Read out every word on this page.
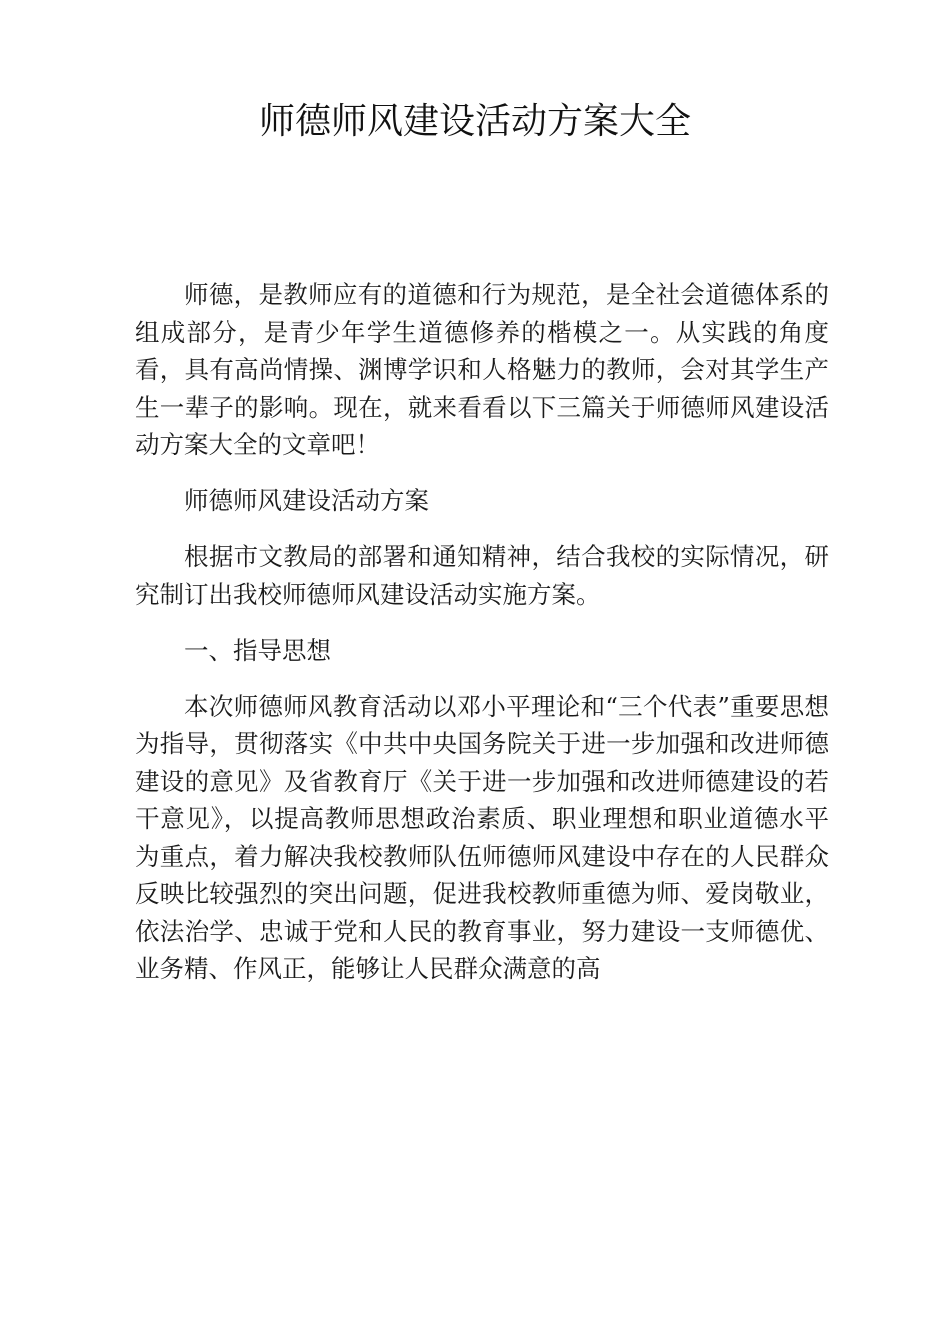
师德师风建设活动方案大全

师德，是教师应有的道德和行为规范，是全社会道德体系的组成部分，是青少年学生道德修养的楷模之一。从实践的角度看，具有高尚情操、渊博学识和人格魅力的教师，会对其学生产生一辈子的影响。现在，就来看看以下三篇关于师德师风建设活动方案大全的文章吧！

师德师风建设活动方案

根据市文教局的部署和通知精神，结合我校的实际情况，研究制订出我校师德师风建设活动实施方案。

一、指导思想

本次师德师风教育活动以邓小平理论和“三个代表”重要思想为指导，贯彻落实《中共中央国务院关于进一步加强和改进师德建设的意见》及省教育厅《关于进一步加强和改进师德建设的若干意见》，以提高教师思想政治素质、职业理想和职业道德水平为重点，着力解决我校教师队伍师德师风建设中存在的人民群众反映比较强烈的突出问题，促进我校教师重德为师、爱岗敬业，依法治学、忠诚于党和人民的教育事业，努力建设一支师德优、业务精、作风正，能够让人民群众满意的高
